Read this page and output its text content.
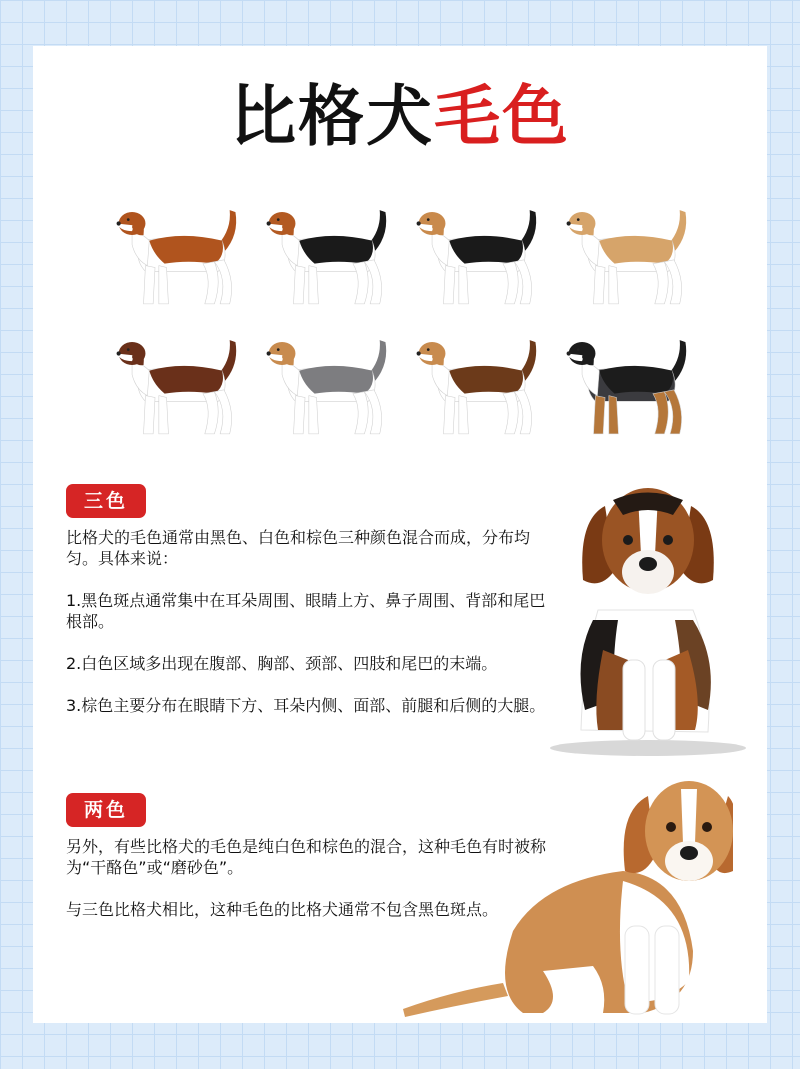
比格犬毛色
三色

比格犬的毛色通常由黑色、白色和棕色三种颜色混合而成，分布均匀。具体来说：

1.黑色斑点通常集中在耳朵周围、眼睛上方、鼻子周围、背部和尾巴根部。

2.白色区域多出现在腹部、胸部、颈部、四肢和尾巴的末端。

3.棕色主要分布在眼睛下方、耳朵内侧、面部、前腿和后侧的大腿。

两色

另外，有些比格犬的毛色是纯白色和棕色的混合，这种毛色有时被称为“干酪色”或“磨砂色”。

与三色比格犬相比，这种毛色的比格犬通常不包含黑色斑点。
